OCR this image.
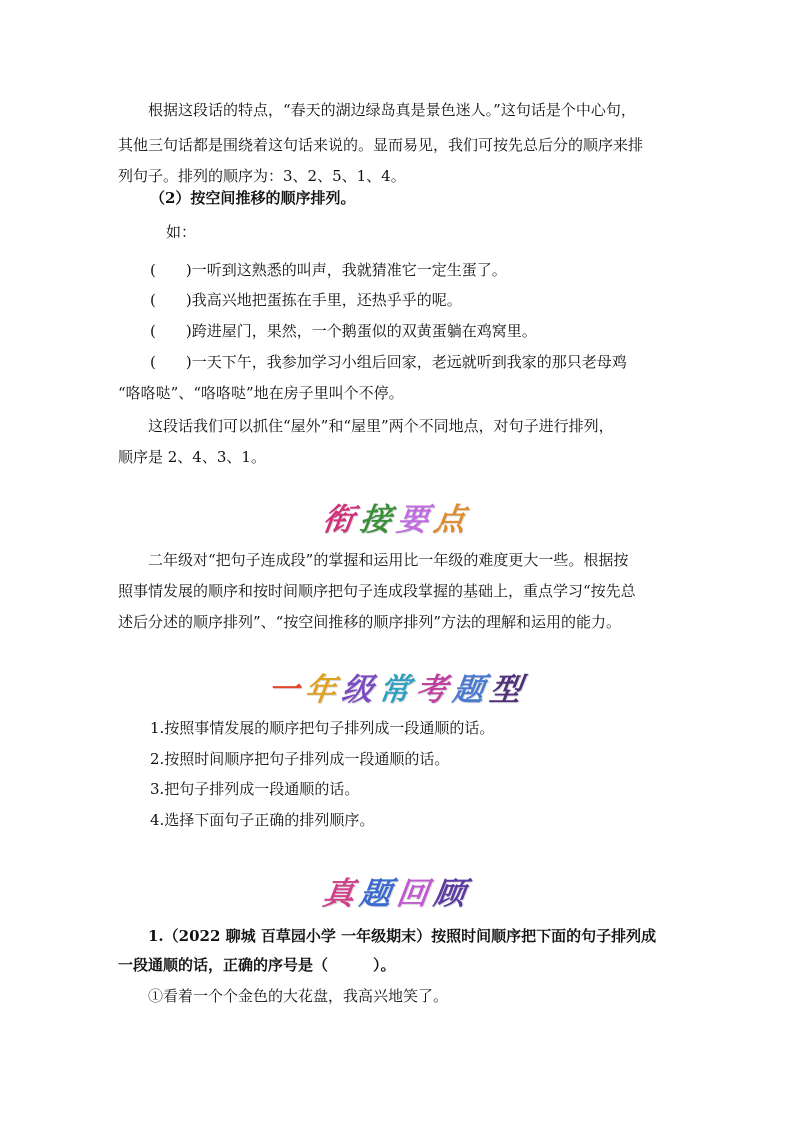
　　根据这段话的特点，“春天的湖边绿岛真是景色迷人。”这句话是个中心句，
其他三句话都是围绕着这句话来说的。显而易见，我们可按先总后分的顺序来排
列句子。排列的顺序为：3、2、5、1、4。
（2）按空间推移的顺序排列。
如：
(　　)一听到这熟悉的叫声，我就猜准它一定生蛋了。
(　　)我高兴地把蛋拣在手里，还热乎乎的呢。
(　　)跨进屋门，果然，一个鹅蛋似的双黄蛋躺在鸡窝里。
(　　)一天下午，我参加学习小组后回家，老远就听到我家的那只老母鸡
“咯咯哒”、“咯咯哒”地在房子里叫个不停。
　　这段话我们可以抓住“屋外”和“屋里”两个不同地点，对句子进行排列，
顺序是 2、4、3、1。
衔接要点
　　二年级对“把句子连成段”的掌握和运用比一年级的难度更大一些。根据按
照事情发展的顺序和按时间顺序把句子连成段掌握的基础上，重点学习“按先总
述后分述的顺序排列”、“按空间推移的顺序排列”方法的理解和运用的能力。
一年级常考题型
1.按照事情发展的顺序把句子排列成一段通顺的话。
2.按照时间顺序把句子排列成一段通顺的话。
3.把句子排列成一段通顺的话。
4.选择下面句子正确的排列顺序。
真题回顾
　　1.（2022 聊城 百草园小学 一年级期末）按照时间顺序把下面的句子排列成
一段通顺的话，正确的序号是（　　　）。
　　①看着一个个金色的大花盘，我高兴地笑了。
